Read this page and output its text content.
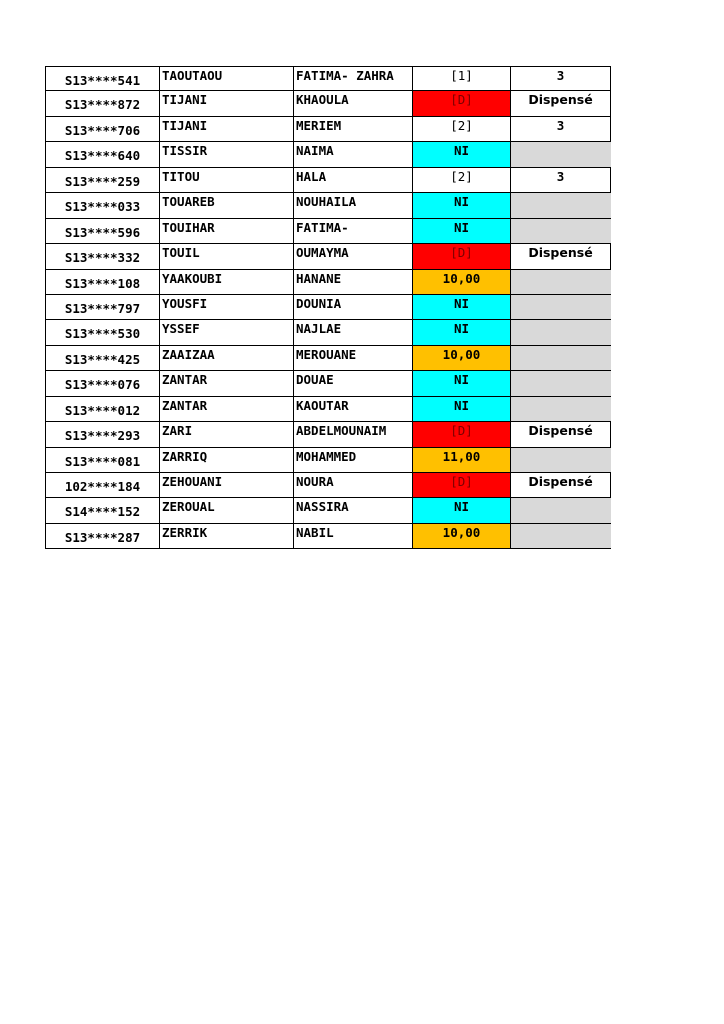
S13****541	TAOUTAOU	FATIMA- ZAHRA	[1]	3
S13****872	TIJANI	KHAOULA	[D]	Dispensé
S13****706	TIJANI	MERIEM	[2]	3
S13****640	TISSIR	NAIMA	NI
S13****259	TITOU	HALA	[2]	3
S13****033	TOUAREB	NOUHAILA	NI
S13****596	TOUIHAR	FATIMA-	NI
S13****332	TOUIL	OUMAYMA	[D]	Dispensé
S13****108	YAAKOUBI	HANANE	10,00
S13****797	YOUSFI	DOUNIA	NI
S13****530	YSSEF	NAJLAE	NI
S13****425	ZAAIZAA	MEROUANE	10,00
S13****076	ZANTAR	DOUAE	NI
S13****012	ZANTAR	KAOUTAR	NI
S13****293	ZARI	ABDELMOUNAIM	[D]	Dispensé
S13****081	ZARRIQ	MOHAMMED	11,00
102****184	ZEHOUANI	NOURA	[D]	Dispensé
S14****152	ZEROUAL	NASSIRA	NI
S13****287	ZERRIK	NABIL	10,00
